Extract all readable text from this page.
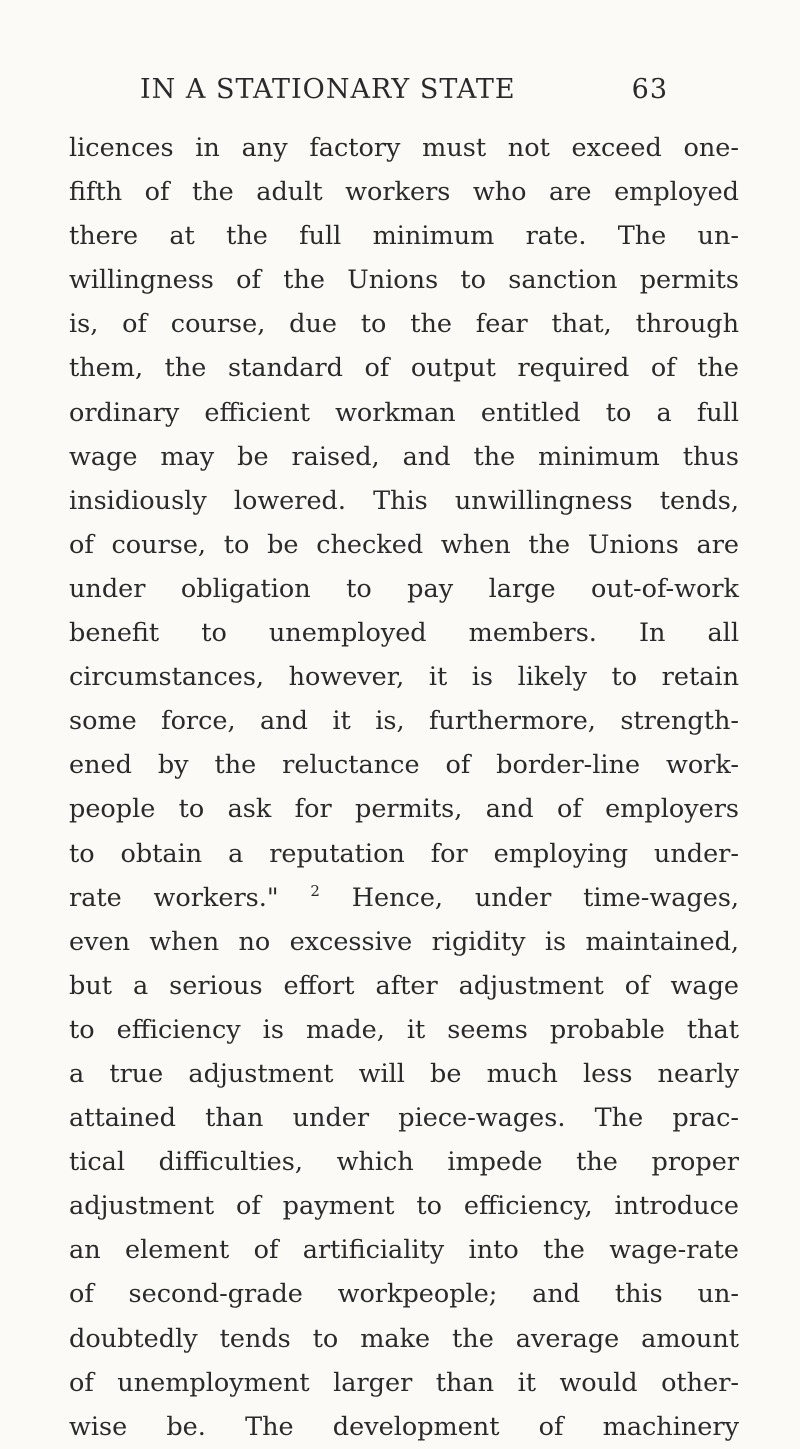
IN A STATIONARY STATE	63
licences in any factory must not exceed one-
fifth of the adult workers who are employed
there at the full minimum rate. The un-
willingness of the Unions to sanction permits
is, of course, due to the fear that, through
them, the standard of output required of the
ordinary efficient workman entitled to a full
wage may be raised, and the minimum thus
insidiously lowered. This unwillingness tends,
of course, to be checked when the Unions are
under obligation to pay large out-of-work
benefit to unemployed members. In all
circumstances, however, it is likely to retain
some force, and it is, furthermore, strength-
ened by the reluctance of border-line work-
people to ask for permits, and of employers
to obtain a reputation for employing under-
rate workers." $^2$ Hence, under time-wages,
even when no excessive rigidity is maintained,
but a serious effort after adjustment of wage
to efficiency is made, it seems probable that
a true adjustment will be much less nearly
attained than under piece-wages. The prac-
tical difficulties, which impede the proper
adjustment of payment to efficiency, introduce
an element of artificiality into the wage-rate
of second-grade workpeople; and this un-
doubtedly tends to make the average amount
of unemployment larger than it would other-
wise be. The development of machinery
